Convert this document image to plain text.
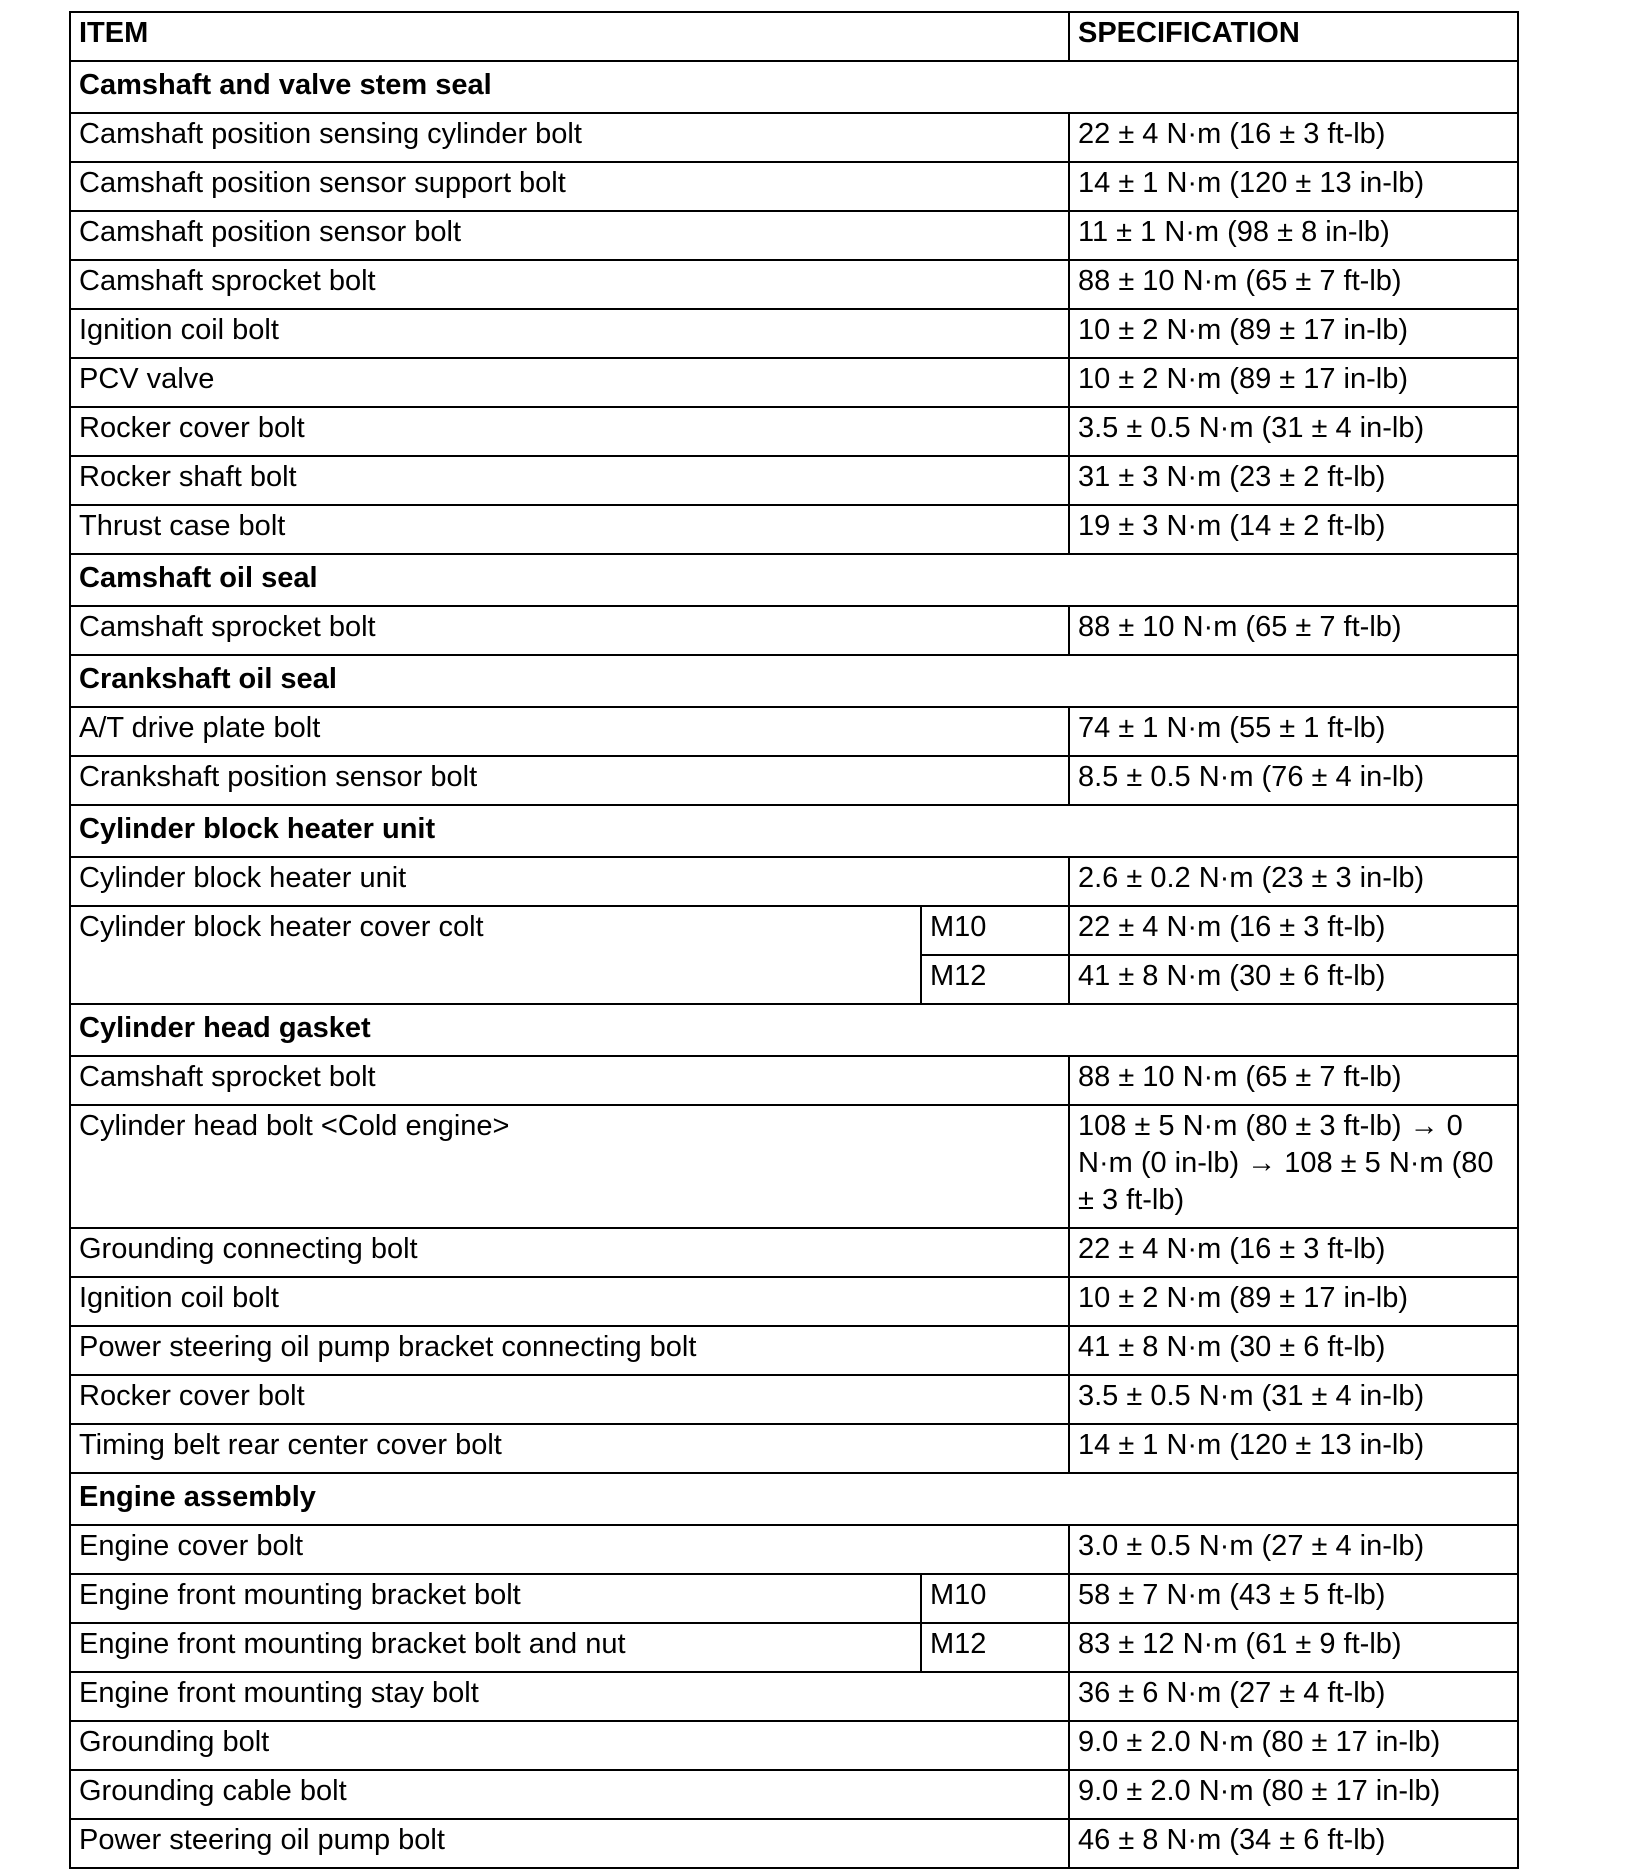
ITEM		SPECIFICATION
Camshaft and valve stem seal		
Camshaft position sensing cylinder bolt		22 ± 4 N·m (16 ± 3 ft-lb)
Camshaft position sensor support bolt		14 ± 1 N·m (120 ± 13 in-lb)
Camshaft position sensor bolt		11 ± 1 N·m (98 ± 8 in-lb)
Camshaft sprocket bolt		88 ± 10 N·m (65 ± 7 ft-lb)
Ignition coil bolt		10 ± 2 N·m (89 ± 17 in-lb)
PCV valve		10 ± 2 N·m (89 ± 17 in-lb)
Rocker cover bolt		3.5 ± 0.5 N·m (31 ± 4 in-lb)
Rocker shaft bolt		31 ± 3 N·m (23 ± 2 ft-lb)
Thrust case bolt		19 ± 3 N·m (14 ± 2 ft-lb)
Camshaft oil seal		
Camshaft sprocket bolt		88 ± 10 N·m (65 ± 7 ft-lb)
Crankshaft oil seal		
A/T drive plate bolt		74 ± 1 N·m (55 ± 1 ft-lb)
Crankshaft position sensor bolt		8.5 ± 0.5 N·m (76 ± 4 in-lb)
Cylinder block heater unit		
Cylinder block heater unit		2.6 ± 0.2 N·m (23 ± 3 in-lb)
Cylinder block heater cover colt	M10	22 ± 4 N·m (16 ± 3 ft-lb)
	M12	41 ± 8 N·m (30 ± 6 ft-lb)
Cylinder head gasket		
Camshaft sprocket bolt		88 ± 10 N·m (65 ± 7 ft-lb)
Cylinder head bolt <Cold engine>		108 ± 5 N·m (80 ± 3 ft-lb) → 0 N·m (0 in-lb) → 108 ± 5 N·m (80 ± 3 ft-lb)
Grounding connecting bolt		22 ± 4 N·m (16 ± 3 ft-lb)
Ignition coil bolt		10 ± 2 N·m (89 ± 17 in-lb)
Power steering oil pump bracket connecting bolt		41 ± 8 N·m (30 ± 6 ft-lb)
Rocker cover bolt		3.5 ± 0.5 N·m (31 ± 4 in-lb)
Timing belt rear center cover bolt		14 ± 1 N·m (120 ± 13 in-lb)
Engine assembly		
Engine cover bolt		3.0 ± 0.5 N·m (27 ± 4 in-lb)
Engine front mounting bracket bolt	M10	58 ± 7 N·m (43 ± 5 ft-lb)
Engine front mounting bracket bolt and nut	M12	83 ± 12 N·m (61 ± 9 ft-lb)
Engine front mounting stay bolt		36 ± 6 N·m (27 ± 4 ft-lb)
Grounding bolt		9.0 ± 2.0 N·m (80 ± 17 in-lb)
Grounding cable bolt		9.0 ± 2.0 N·m (80 ± 17 in-lb)
Power steering oil pump bolt		46 ± 8 N·m (34 ± 6 ft-lb)
